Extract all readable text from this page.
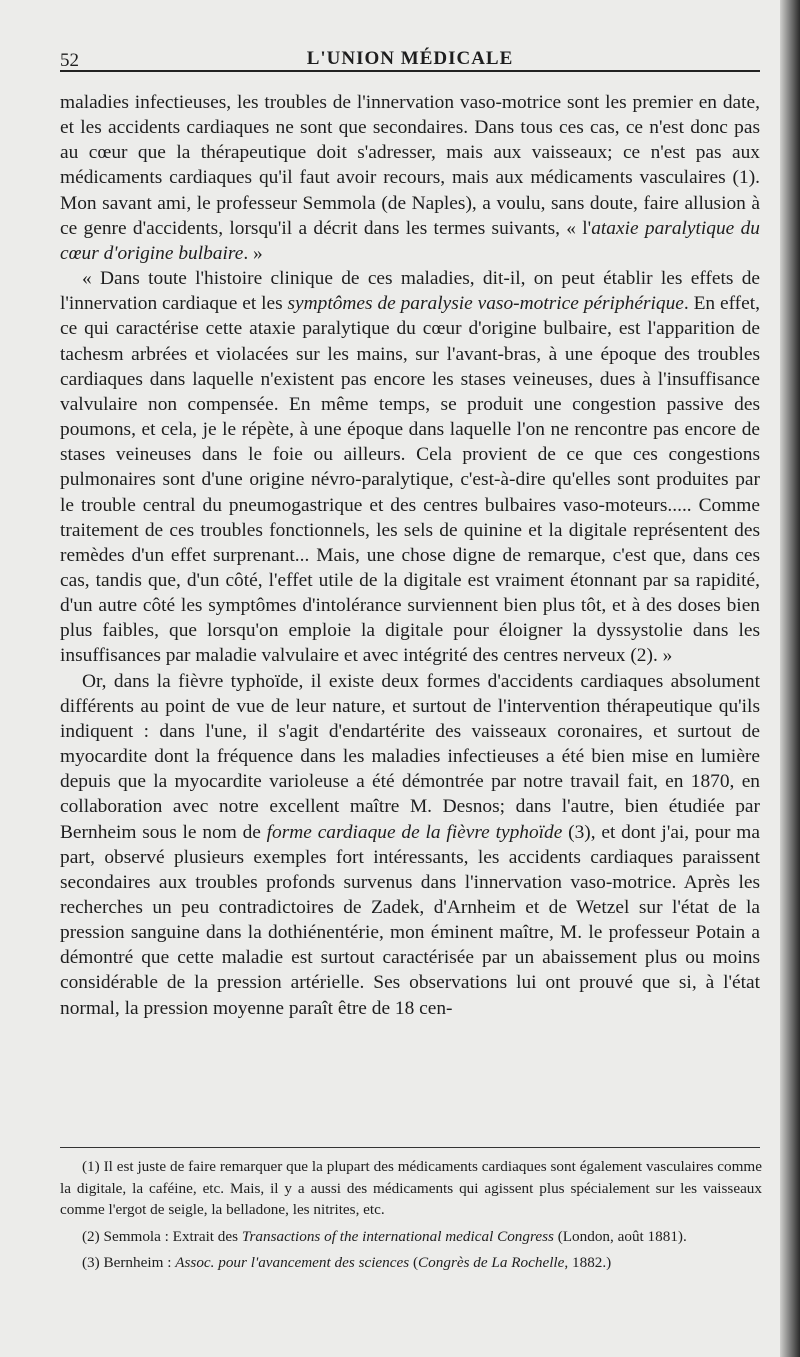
52	L'UNION MÉDICALE

maladies infectieuses, les troubles de l'innervation vaso-motrice sont les premier en date, et les accidents cardiaques ne sont que secondaires. Dans tous ces cas, ce n'est donc pas au cœur que la thérapeutique doit s'adresser, mais aux vaisseaux; ce n'est pas aux médicaments cardiaques qu'il faut avoir recours, mais aux médicaments vasculaires (1). Mon savant ami, le professeur Semmola (de Naples), a voulu, sans doute, faire allusion à ce genre d'accidents, lorsqu'il a décrit dans les termes suivants, « l'ataxie paralytique du cœur d'origine bulbaire. »

« Dans toute l'histoire clinique de ces maladies, dit-il, on peut établir les effets de l'innervation cardiaque et les symptômes de paralysie vaso-motrice périphérique. En effet, ce qui caractérise cette ataxie paralytique du cœur d'origine bulbaire, est l'apparition de tachesm arbrées et violacées sur les mains, sur l'avant-bras, à une époque des troubles cardiaques dans laquelle n'existent pas encore les stases veineuses, dues à l'insuffisance valvulaire non compensée. En même temps, se produit une congestion passive des poumons, et cela, je le répète, à une époque dans laquelle l'on ne rencontre pas encore de stases veineuses dans le foie ou ailleurs. Cela provient de ce que ces congestions pulmonaires sont d'une origine névro-paralytique, c'est-à-dire qu'elles sont produites par le trouble central du pneumogastrique et des centres bulbaires vaso-moteurs..... Comme traitement de ces troubles fonctionnels, les sels de quinine et la digitale représentent des remèdes d'un effet surprenant... Mais, une chose digne de remarque, c'est que, dans ces cas, tandis que, d'un côté, l'effet utile de la digitale est vraiment étonnant par sa rapidité, d'un autre côté les symptômes d'intolérance surviennent bien plus tôt, et à des doses bien plus faibles, que lorsqu'on emploie la digitale pour éloigner la dyssystolie dans les insuffisances par maladie valvulaire et avec intégrité des centres nerveux (2). »

Or, dans la fièvre typhoïde, il existe deux formes d'accidents cardiaques absolument différents au point de vue de leur nature, et surtout de l'intervention thérapeutique qu'ils indiquent : dans l'une, il s'agit d'endartérite des vaisseaux coronaires, et surtout de myocardite dont la fréquence dans les maladies infectieuses a été bien mise en lumière depuis que la myocardite varioleuse a été démontrée par notre travail fait, en 1870, en collaboration avec notre excellent maître M. Desnos; dans l'autre, bien étudiée par Bernheim sous le nom de forme cardiaque de la fièvre typhoïde (3), et dont j'ai, pour ma part, observé plusieurs exemples fort intéressants, les accidents cardiaques paraissent secondaires aux troubles profonds survenus dans l'innervation vaso-motrice. Après les recherches un peu contradictoires de Zadek, d'Arnheim et de Wetzel sur l'état de la pression sanguine dans la dothiénentérie, mon éminent maître, M. le professeur Potain a démontré que cette maladie est surtout caractérisée par un abaissement plus ou moins considérable de la pression artérielle. Ses observations lui ont prouvé que si, à l'état normal, la pression moyenne paraît être de 18 cen-

(1) Il est juste de faire remarquer que la plupart des médicaments cardiaques sont également vasculaires comme la digitale, la caféine, etc. Mais, il y a aussi des médicaments qui agissent plus spécialement sur les vaisseaux comme l'ergot de seigle, la belladone, les nitrites, etc.

(2) Semmola : Extrait des Transactions of the international medical Congress (London, août 1881).

(3) Bernheim : Assoc. pour l'avancement des sciences (Congrès de La Rochelle, 1882.)
